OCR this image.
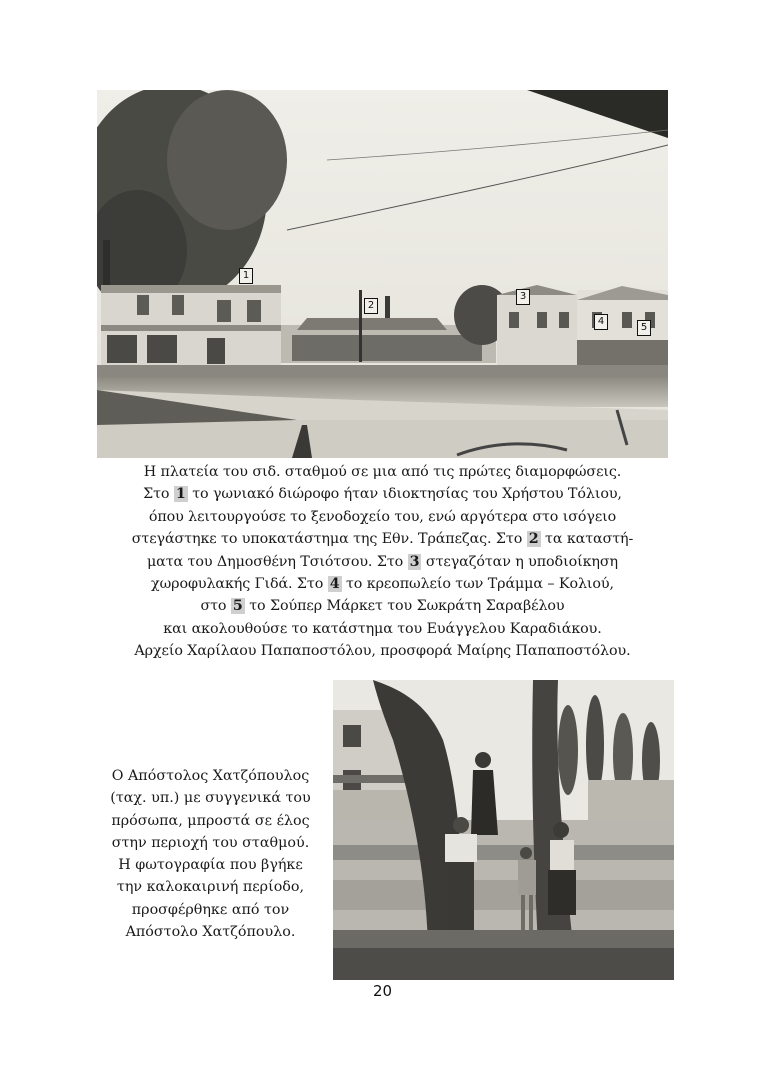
1
2
3
4
5
Η πλατεία του σιδ. σταθμού σε μια από τις πρώτες διαμορφώσεις.
Στο 1 το γωνιακό διώροφο ήταν ιδιοκτησίας του Χρήστου Τόλιου,
όπου λειτουργούσε το ξενοδοχείο του, ενώ αργότερα στο ισόγειο
στεγάστηκε το υποκατάστημα της Εθν. Τράπεζας. Στο 2 τα καταστή-
ματα του Δημοσθένη Τσιότσου. Στο 3 στεγαζόταν η υποδιοίκηση
χωροφυλακής Γιδά. Στο 4 το κρεοπωλείο των Τράμμα – Κολιού,
στο 5 το Σούπερ Μάρκετ του Σωκράτη Σαραβέλου
και ακολουθούσε το κατάστημα του Ευάγγελου Καραδιάκου.
Αρχείο Χαρίλαου Παπαποστόλου, προσφορά Μαίρης Παπαποστόλου.
Ο Απόστολος Χατζόπουλος
(ταχ. υπ.) με συγγενικά του
πρόσωπα, μπροστά σε έλος
στην περιοχή του σταθμού.
Η φωτογραφία που βγήκε
την καλοκαιρινή περίοδο,
προσφέρθηκε από τον
Απόστολο Χατζόπουλο.
20
